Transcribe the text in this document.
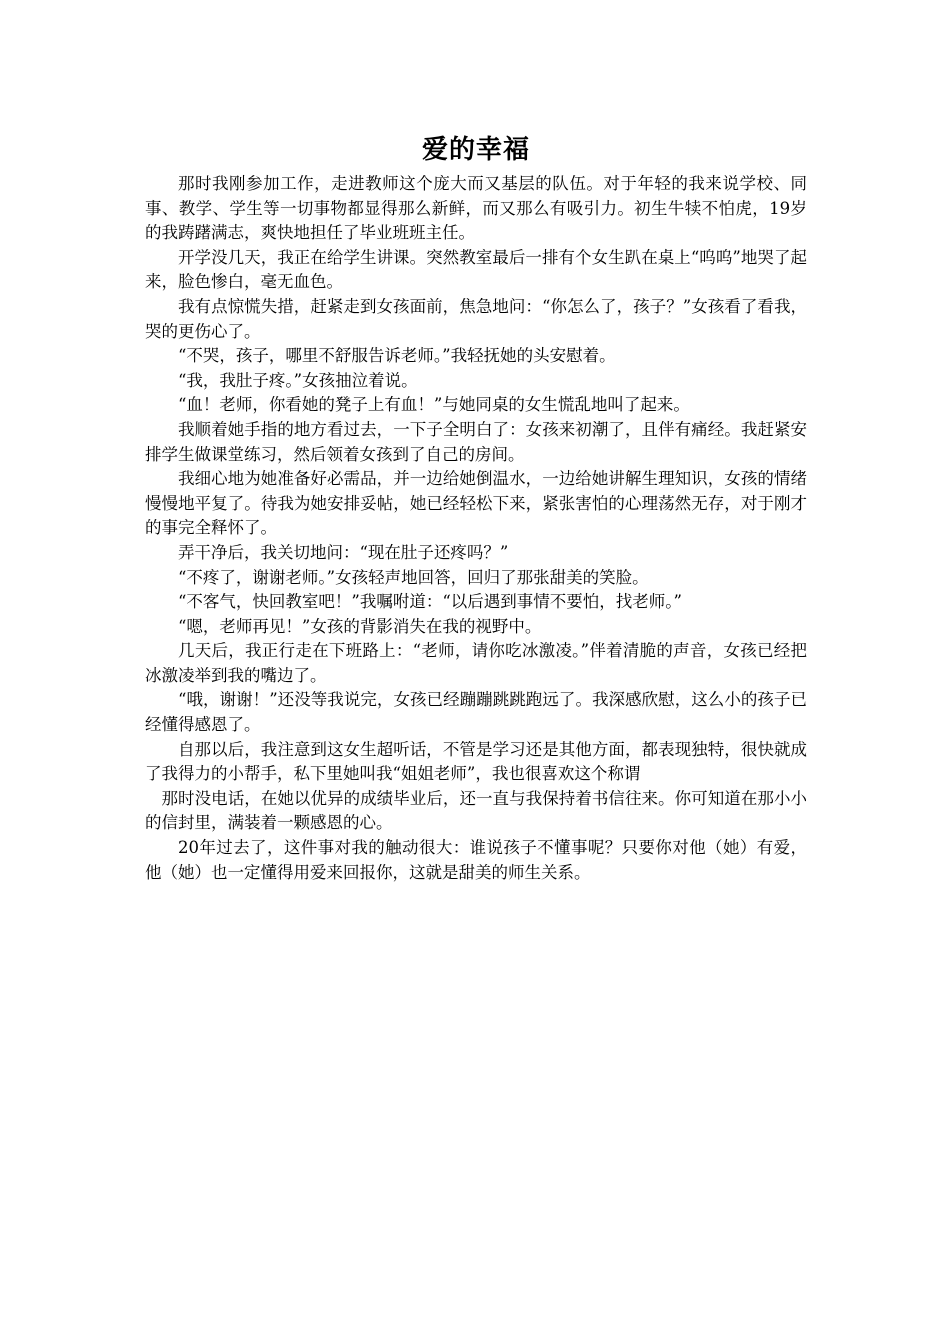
爱的幸福

那时我刚参加工作，走进教师这个庞大而又基层的队伍。对于年轻的我来说学校、同事、教学、学生等一切事物都显得那么新鲜，而又那么有吸引力。初生牛犊不怕虎，19岁的我踌躇满志，爽快地担任了毕业班班主任。

开学没几天，我正在给学生讲课。突然教室最后一排有个女生趴在桌上“呜呜”地哭了起来，脸色惨白，毫无血色。

我有点惊慌失措，赶紧走到女孩面前，焦急地问：“你怎么了，孩子？”女孩看了看我，哭的更伤心了。

“不哭，孩子，哪里不舒服告诉老师。”我轻抚她的头安慰着。

“我，我肚子疼。”女孩抽泣着说。

“血！老师，你看她的凳子上有血！”与她同桌的女生慌乱地叫了起来。

我顺着她手指的地方看过去，一下子全明白了：女孩来初潮了，且伴有痛经。我赶紧安排学生做课堂练习，然后领着女孩到了自己的房间。

我细心地为她准备好必需品，并一边给她倒温水，一边给她讲解生理知识，女孩的情绪慢慢地平复了。待我为她安排妥帖，她已经轻松下来，紧张害怕的心理荡然无存，对于刚才的事完全释怀了。

弄干净后，我关切地问：“现在肚子还疼吗？”

“不疼了，谢谢老师。”女孩轻声地回答，回归了那张甜美的笑脸。

“不客气，快回教室吧！”我嘱咐道：“以后遇到事情不要怕，找老师。”

“嗯，老师再见！”女孩的背影消失在我的视野中。

几天后，我正行走在下班路上：“老师，请你吃冰激凌。”伴着清脆的声音，女孩已经把冰激凌举到我的嘴边了。

“哦，谢谢！”还没等我说完，女孩已经蹦蹦跳跳跑远了。我深感欣慰，这么小的孩子已经懂得感恩了。

自那以后，我注意到这女生超听话，不管是学习还是其他方面，都表现独特，很快就成了我得力的小帮手，私下里她叫我“姐姐老师”，我也很喜欢这个称谓

那时没电话，在她以优异的成绩毕业后，还一直与我保持着书信往来。你可知道在那小小的信封里，满装着一颗感恩的心。

20年过去了，这件事对我的触动很大：谁说孩子不懂事呢？只要你对他（她）有爱，他（她）也一定懂得用爱来回报你，这就是甜美的师生关系。
